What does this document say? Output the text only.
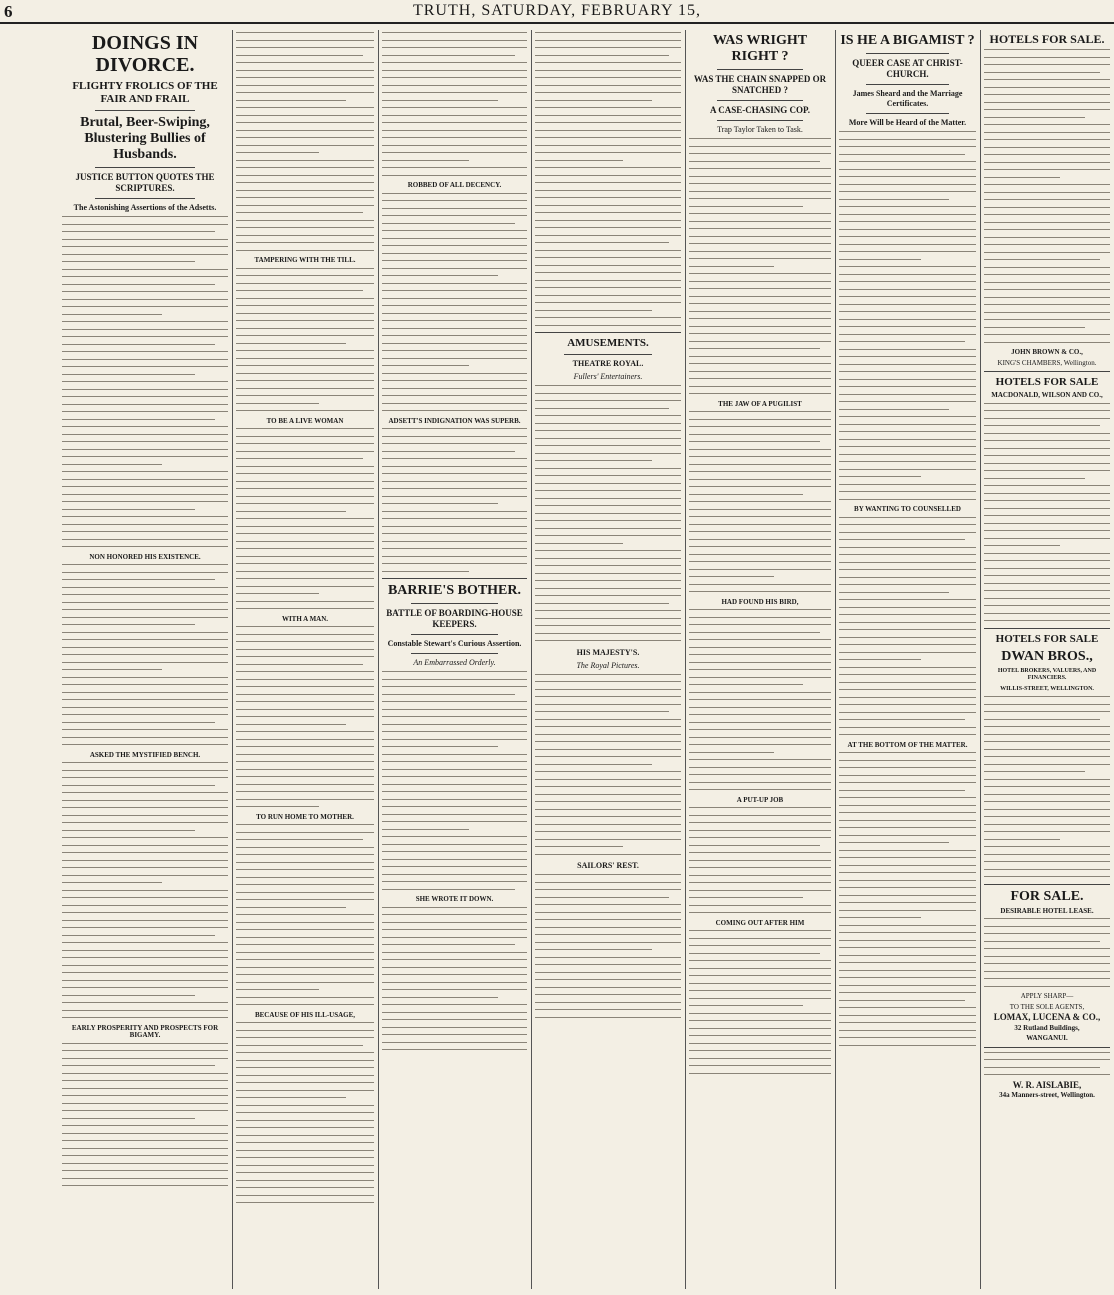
6	TRUTH, SATURDAY, FEBRUARY 15,
DOINGS IN DIVORCE.
FLIGHTY FROLICS OF THE FAIR AND FRAIL
Brutal, Beer-Swiping, Blustering Bullies of Husbands.
JUSTICE BUTTON QUOTES THE SCRIPTURES.
The Astonishing Assertions of the Adsetts.
NON HONORED HIS EXISTENCE.
ASKED THE MYSTIFIED BENCH.
EARLY PROSPERITY AND PROSPECTS FOR BIGAMY.
TAMPERING WITH THE TILL.
TO BE A LIVE WOMAN
WITH A MAN.
TO RUN HOME TO MOTHER.
BECAUSE OF HIS ILL-USAGE,
ROBBED OF ALL DECENCY.
ADSETT'S INDIGNATION WAS SUPERB.
BARRIE'S BOTHER.
BATTLE OF BOARDING-HOUSE KEEPERS.
Constable Stewart's Curious Assertion.
An Embarrassed Orderly.
SHE WROTE IT DOWN.
AMUSEMENTS.
THEATRE ROYAL.
Fullers' Entertainers.
HIS MAJESTY'S.
The Royal Pictures.
SAILORS' REST.
WAS WRIGHT RIGHT ?
WAS THE CHAIN SNAPPED OR SNATCHED ?
A CASE-CHASING COP.
Trap Taylor Taken to Task.
THE JAW OF A PUGILIST
HAD FOUND HIS BIRD,
A PUT-UP JOB
COMING OUT AFTER HIM
IS HE A BIGAMIST ?
QUEER CASE AT CHRIST-CHURCH.
James Sheard and the Marriage Certificates.
More Will be Heard of the Matter.
BY WANTING TO COUNSELLED
AT THE BOTTOM OF THE MATTER.
HOTELS FOR SALE.
JOHN BROWN & CO.,
KING'S CHAMBERS, Wellington.
HOTELS FOR SALE
MACDONALD, WILSON AND CO.,
HOTELS FOR SALE
DWAN BROS.,
HOTEL BROKERS, VALUERS, AND FINANCIERS.
WILLIS-STREET, WELLINGTON.
FOR SALE.
DESIRABLE HOTEL LEASE.
APPLY SHARP—
TO THE SOLE AGENTS,
LOMAX, LUCENA & CO.,
32 Rutland Buildings,
WANGANUI.
W. R. AISLABIE,
34a Manners-street, Wellington.
